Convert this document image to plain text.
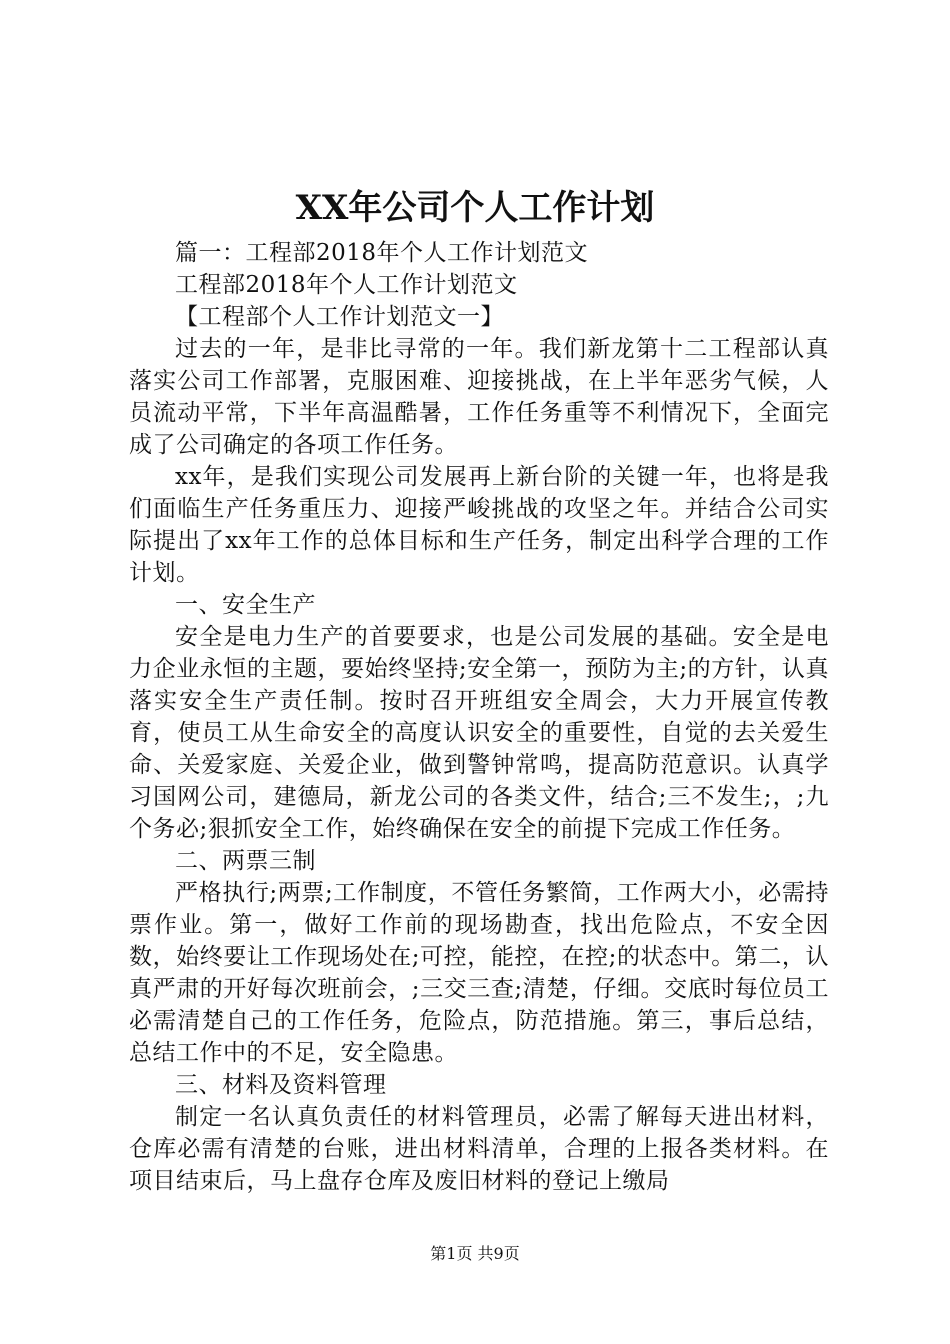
XX年公司个人工作计划

篇一：工程部2018年个人工作计划范文

工程部2018年个人工作计划范文

【工程部个人工作计划范文一】

过去的一年，是非比寻常的一年。我们新龙第十二工程部认真落实公司工作部署，克服困难、迎接挑战，在上半年恶劣气候，人员流动平常，下半年高温酷暑，工作任务重等不利情况下，全面完成了公司确定的各项工作任务。

xx年，是我们实现公司发展再上新台阶的关键一年，也将是我们面临生产任务重压力、迎接严峻挑战的攻坚之年。并结合公司实际提出了xx年工作的总体目标和生产任务，制定出科学合理的工作计划。

一、安全生产

安全是电力生产的首要要求，也是公司发展的基础。安全是电力企业永恒的主题，要始终坚持;安全第一，预防为主;的方针，认真落实安全生产责任制。按时召开班组安全周会，大力开展宣传教育，使员工从生命安全的高度认识安全的重要性，自觉的去关爱生命、关爱家庭、关爱企业，做到警钟常鸣，提高防范意识。认真学习国网公司，建德局，新龙公司的各类文件，结合;三不发生;，;九个务必;狠抓安全工作，始终确保在安全的前提下完成工作任务。

二、两票三制

严格执行;两票;工作制度，不管任务繁简，工作两大小，必需持票作业。第一，做好工作前的现场勘查，找出危险点，不安全因数，始终要让工作现场处在;可控，能控，在控;的状态中。第二，认真严肃的开好每次班前会，;三交三查;清楚，仔细。交底时每位员工必需清楚自己的工作任务，危险点，防范措施。第三，事后总结，总结工作中的不足，安全隐患。

三、材料及资料管理

制定一名认真负责任的材料管理员，必需了解每天进出材料，仓库必需有清楚的台账，进出材料清单，合理的上报各类材料。在项目结束后，马上盘存仓库及废旧材料的登记上缴局

第1页 共9页
